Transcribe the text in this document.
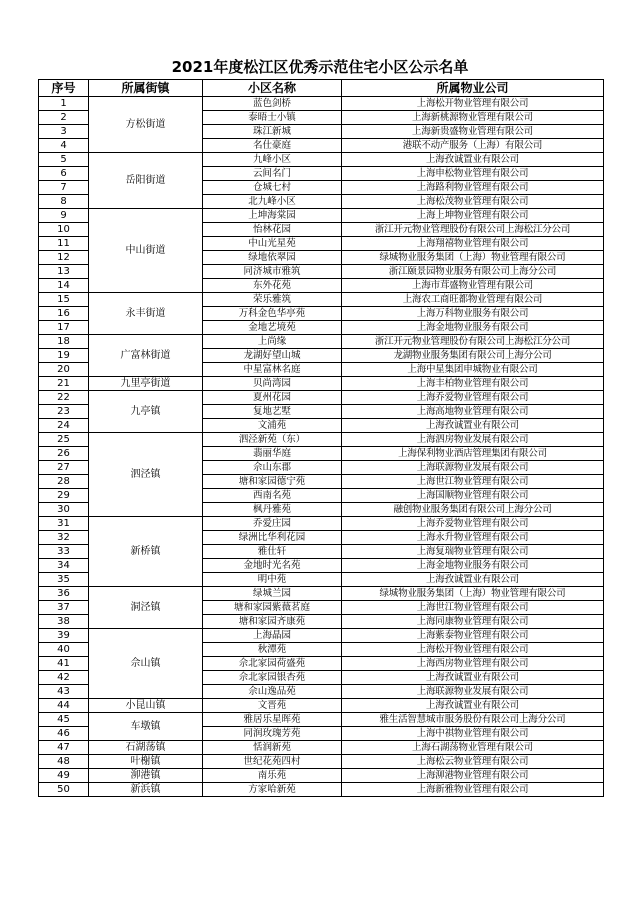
2021年度松江区优秀示范住宅小区公示名单
序号	所属街镇	小区名称	所属物业公司
1	方松街道	蓝色剑桥	上海松开物业管理有限公司
2		泰晤士小镇	上海新桃源物业管理有限公司
3		珠江新城	上海新贵盛物业管理有限公司
4		名仕豪庭	港联不动产服务（上海）有限公司
5	岳阳街道	九峰小区	上海孜诚置业有限公司
6		云间名门	上海申松物业管理有限公司
7		仓城七村	上海路利物业管理有限公司
8		北九峰小区	上海松茂物业管理有限公司
9	中山街道	上坤海棠园	上海上坤物业管理有限公司
10		怡林花园	浙江开元物业管理股份有限公司上海松江分公司
11		中山光星苑	上海翔禧物业管理有限公司
12		绿地依翠园	绿城物业服务集团（上海）物业管理有限公司
13		同济城市雅筑	浙江颐景园物业服务有限公司上海分公司
14		东外花苑	上海市茸盛物业管理有限公司
15	永丰街道	荣乐雅筑	上海农工商旺都物业管理有限公司
16		万科金色华亭苑	上海万科物业服务有限公司
17		金地艺境苑	上海金地物业服务有限公司
18	广富林街道	上尚缘	浙江开元物业管理股份有限公司上海松江分公司
19		龙湖好望山城	龙湖物业服务集团有限公司上海分公司
20		中星富林名庭	上海中星集团申城物业有限公司
21	九里亭街道	贝尚湾园	上海丰柏物业管理有限公司
22	九亭镇	夏州花园	上海乔爱物业管理有限公司
23		复地艺墅	上海高地物业管理有限公司
24		文浦苑	上海孜诚置业有限公司
25	泗泾镇	泗泾新苑（东）	上海泗房物业发展有限公司
26		翡丽华庭	上海保利物业酒店管理集团有限公司
27		佘山东郡	上海联源物业发展有限公司
28		塘和家园德宁苑	上海世江物业管理有限公司
29		西南名苑	上海国顺物业管理有限公司
30		枫丹雅苑	融创物业服务集团有限公司上海分公司
31	新桥镇	乔爱庄园	上海乔爱物业管理有限公司
32		绿洲比华利花园	上海永升物业管理有限公司
33		雅仕轩	上海复瑞物业管理有限公司
34		金地时光名苑	上海金地物业服务有限公司
35		明中苑	上海孜诚置业有限公司
36	洞泾镇	绿城兰园	绿城物业服务集团（上海）物业管理有限公司
37		塘和家园紫薇茗庭	上海世江物业管理有限公司
38		塘和家园齐康苑	上海同康物业管理有限公司
39	佘山镇	上海晶园	上海紫泰物业管理有限公司
40		秋潭苑	上海松开物业管理有限公司
41		佘北家园荷盛苑	上海西房物业管理有限公司
42		佘北家园银杏苑	上海孜诚置业有限公司
43		佘山逸品苑	上海联源物业发展有限公司
44	小昆山镇	文晋苑	上海孜诚置业有限公司
45	车墩镇	雅居乐星晖苑	雅生活智慧城市服务股份有限公司上海分公司
46		同润玫瑰芳苑	上海中祺物业管理有限公司
47	石湖荡镇	恬润新苑	上海石湖荡物业管理有限公司
48	叶榭镇	世纪花苑四村	上海松云物业管理有限公司
49	泖港镇	南乐苑	上海泖港物业管理有限公司
50	新浜镇	方家哈新苑	上海新雅物业管理有限公司
